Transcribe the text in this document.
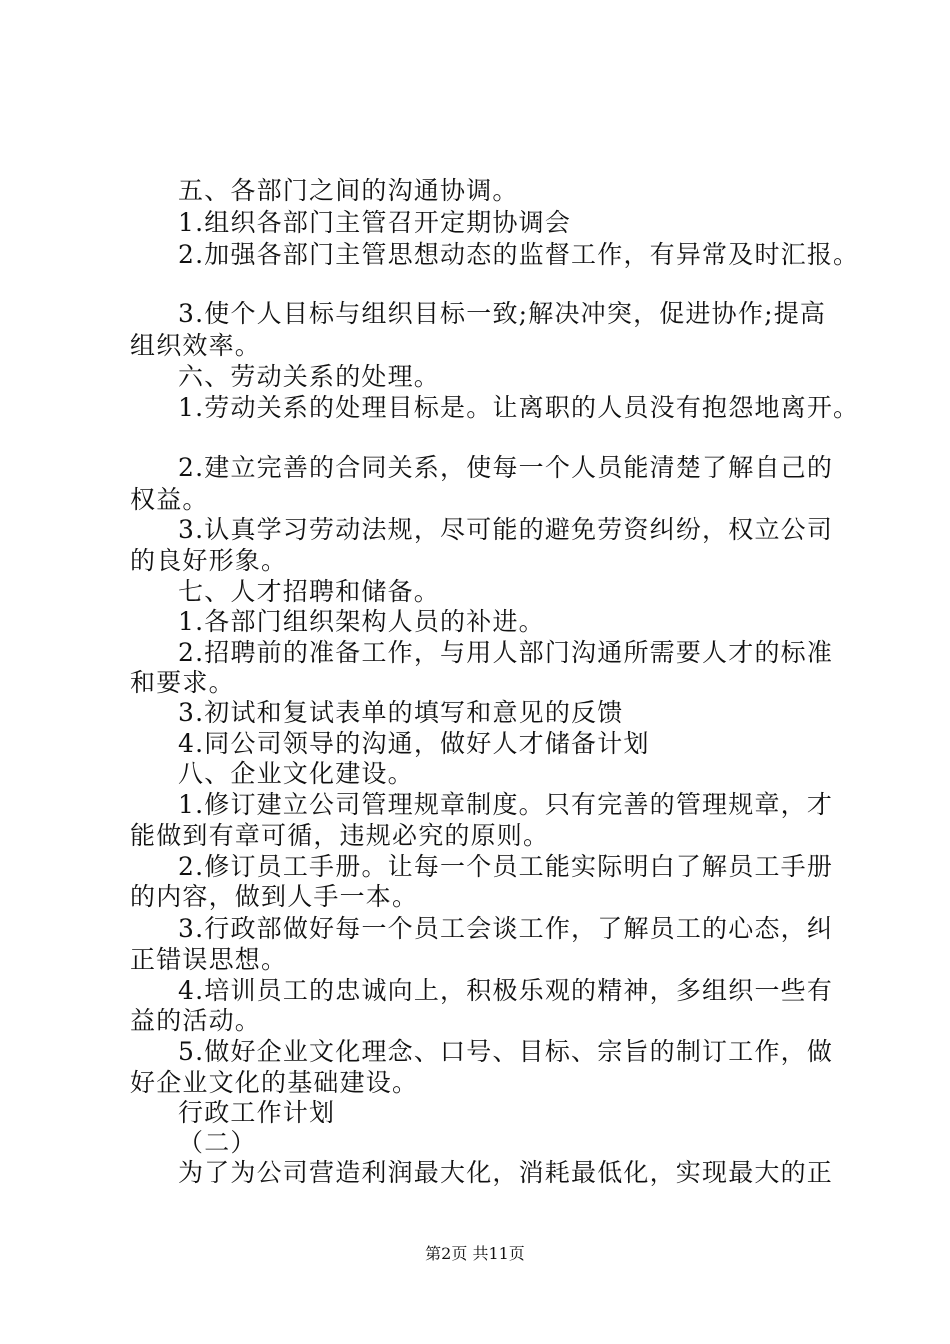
五、各部门之间的沟通协调。
1.组织各部门主管召开定期协调会
2.加强各部门主管思想动态的监督工作，有异常及时汇报。
3.使个人目标与组织目标一致;解决冲突，促进协作;提高
组织效率。
六、劳动关系的处理。
1.劳动关系的处理目标是。让离职的人员没有抱怨地离开。
2.建立完善的合同关系，使每一个人员能清楚了解自己的
权益。
3.认真学习劳动法规，尽可能的避免劳资纠纷，权立公司
的良好形象。
七、人才招聘和储备。
1.各部门组织架构人员的补进。
2.招聘前的准备工作，与用人部门沟通所需要人才的标准
和要求。
3.初试和复试表单的填写和意见的反馈
4.同公司领导的沟通，做好人才储备计划
八、企业文化建设。
1.修订建立公司管理规章制度。只有完善的管理规章，才
能做到有章可循，违规必究的原则。
2.修订员工手册。让每一个员工能实际明白了解员工手册
的内容，做到人手一本。
3.行政部做好每一个员工会谈工作，了解员工的心态，纠
正错误思想。
4.培训员工的忠诚向上，积极乐观的精神，多组织一些有
益的活动。
5.做好企业文化理念、口号、目标、宗旨的制订工作，做
好企业文化的基础建设。
行政工作计划
（二）
为了为公司营造利润最大化，消耗最低化，实现最大的正
第2页 共11页
